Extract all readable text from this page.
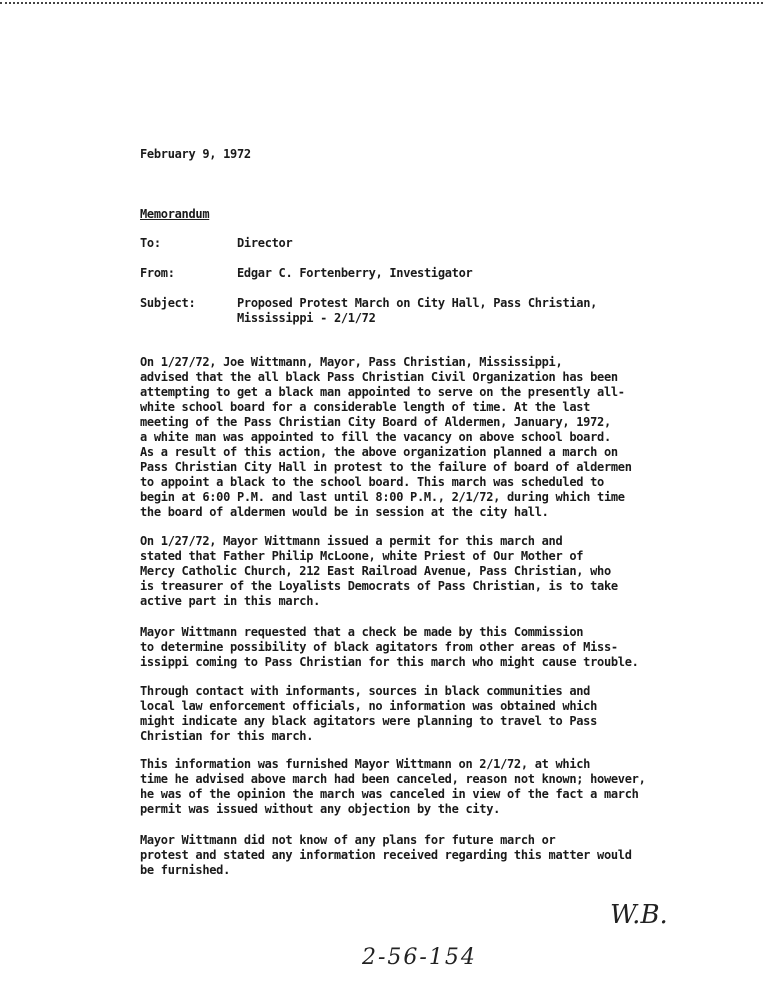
February 9, 1972
Memorandum
To:	Director
From:	Edgar C. Fortenberry, Investigator
Subject:	Proposed Protest March on City Hall, Pass Christian,
Mississippi - 2/1/72
On 1/27/72, Joe Wittmann, Mayor, Pass Christian, Mississippi,
advised that the all black Pass Christian Civil Organization has been
attempting to get a black man appointed to serve on the presently all-
white school board for a considerable length of time. At the last
meeting of the Pass Christian City Board of Aldermen, January, 1972,
a white man was appointed to fill the vacancy on above school board.
As a result of this action, the above organization planned a march on
Pass Christian City Hall in protest to the failure of board of aldermen
to appoint a black to the school board. This march was scheduled to
begin at 6:00 P.M. and last until 8:00 P.M., 2/1/72, during which time
the board of aldermen would be in session at the city hall.
On 1/27/72, Mayor Wittmann issued a permit for this march and
stated that Father Philip McLoone, white Priest of Our Mother of
Mercy Catholic Church, 212 East Railroad Avenue, Pass Christian, who
is treasurer of the Loyalists Democrats of Pass Christian, is to take
active part in this march.
Mayor Wittmann requested that a check be made by this Commission
to determine possibility of black agitators from other areas of Miss-
issippi coming to Pass Christian for this march who might cause trouble.
Through contact with informants, sources in black communities and
local law enforcement officials, no information was obtained which
might indicate any black agitators were planning to travel to Pass
Christian for this march.
This information was furnished Mayor Wittmann on 2/1/72, at which
time he advised above march had been canceled, reason not known; however,
he was of the opinion the march was canceled in view of the fact a march
permit was issued without any objection by the city.
Mayor Wittmann did not know of any plans for future march or
protest and stated any information received regarding this matter would
be furnished.
W.B.
2-56-154
